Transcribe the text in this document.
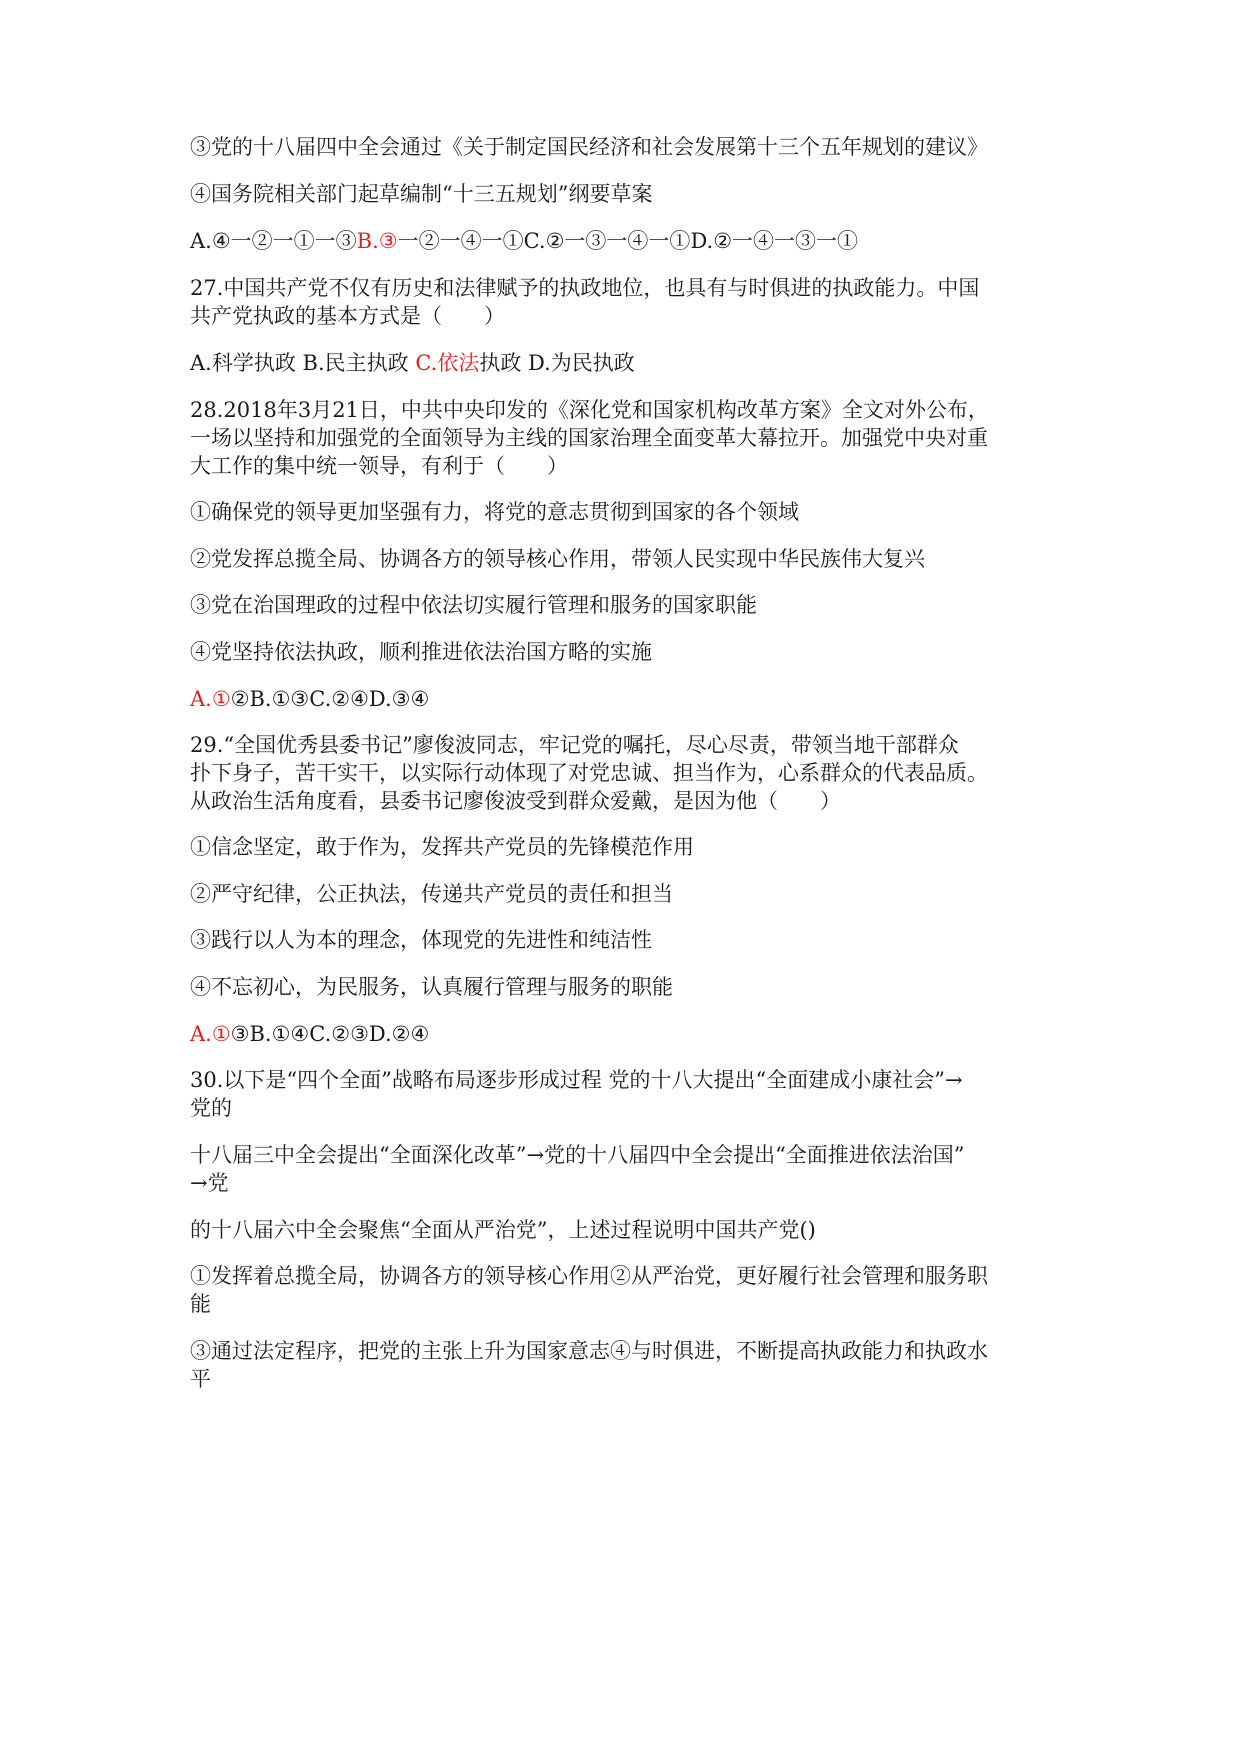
③党的十八届四中全会通过《关于制定国民经济和社会发展第十三个五年规划的建议》
④国务院相关部门起草编制“十三五规划”纲要草案
A.④一②一①一③B.③一②一④一①C.②一③一④一①D.②一④一③一①
27.中国共产党不仅有历史和法律赋予的执政地位，也具有与时俱进的执政能力。中国
共产党执政的基本方式是（　　）
A.科学执政 B.民主执政 C.依法执政 D.为民执政
28.2018年3月21日，中共中央印发的《深化党和国家机构改革方案》全文对外公布，
一场以坚持和加强党的全面领导为主线的国家治理全面变革大幕拉开。加强党中央对重
大工作的集中统一领导，有利于（　　）
①确保党的领导更加坚强有力，将党的意志贯彻到国家的各个领域
②党发挥总揽全局、协调各方的领导核心作用，带领人民实现中华民族伟大复兴
③党在治国理政的过程中依法切实履行管理和服务的国家职能
④党坚持依法执政，顺利推进依法治国方略的实施
A.①②B.①③C.②④D.③④
29.“全国优秀县委书记”廖俊波同志，牢记党的嘱托，尽心尽责，带领当地干部群众
扑下身子，苦干实干，以实际行动体现了对党忠诚、担当作为，心系群众的代表品质。
从政治生活角度看，县委书记廖俊波受到群众爱戴，是因为他（　　）
①信念坚定，敢于作为，发挥共产党员的先锋模范作用
②严守纪律，公正执法，传递共产党员的责任和担当
③践行以人为本的理念，体现党的先进性和纯洁性
④不忘初心，为民服务，认真履行管理与服务的职能
A.①③B.①④C.②③D.②④
30.以下是“四个全面”战略布局逐步形成过程 党的十八大提出“全面建成小康社会”→
党的
十八届三中全会提出“全面深化改革”→党的十八届四中全会提出“全面推进依法治国”
→党
的十八届六中全会聚焦“全面从严治党”，上述过程说明中国共产党()
①发挥着总揽全局，协调各方的领导核心作用②从严治党，更好履行社会管理和服务职
能
③通过法定程序，把党的主张上升为国家意志④与时俱进，不断提高执政能力和执政水
平
